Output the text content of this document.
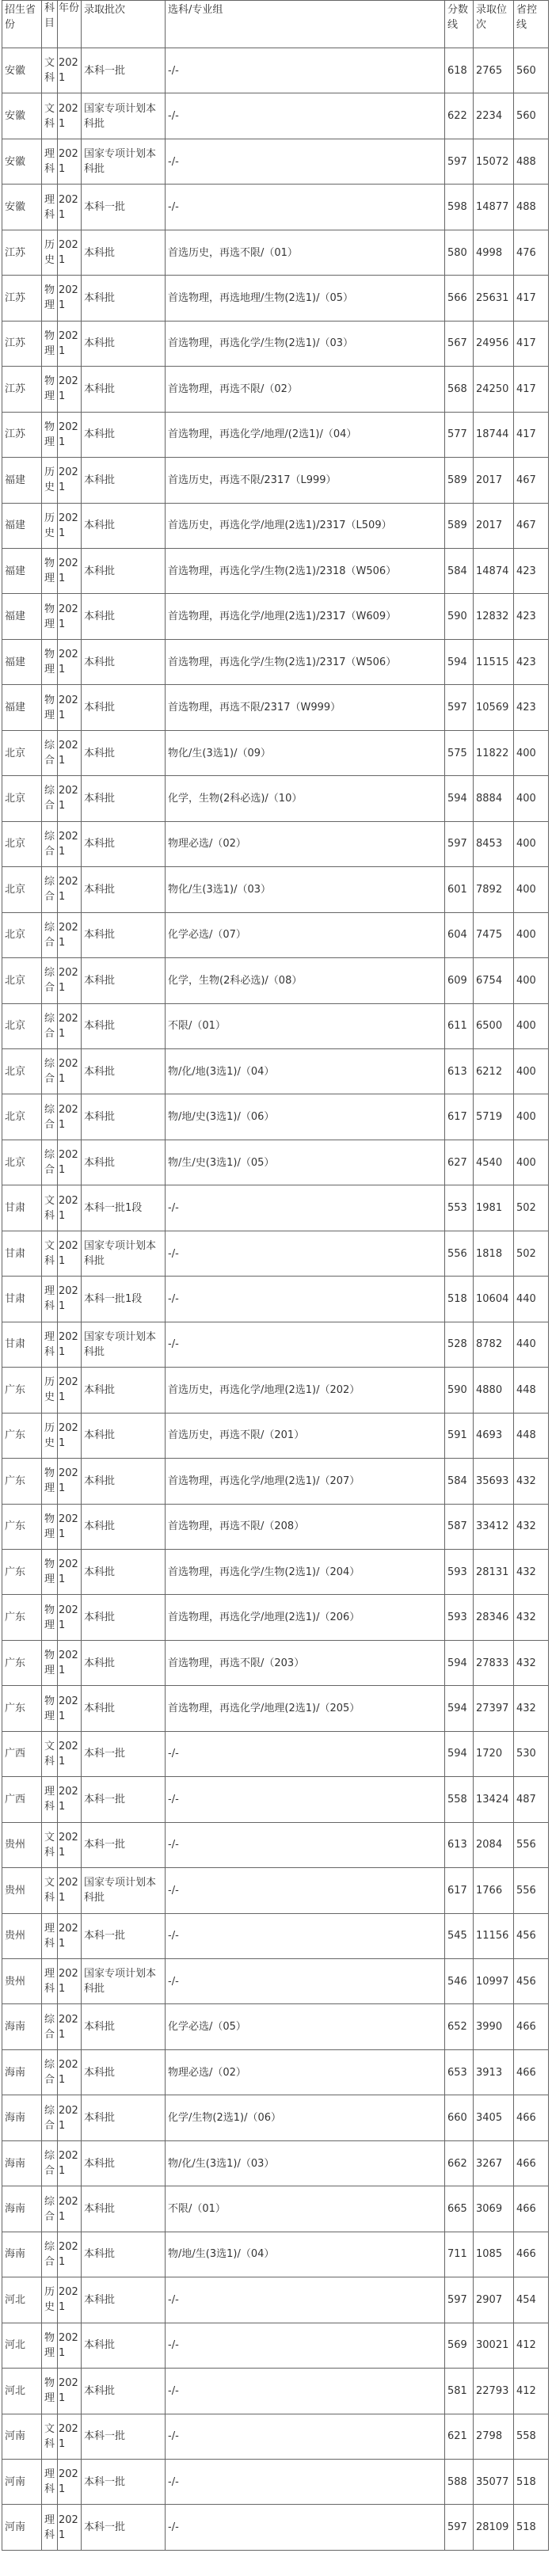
招生省份	科目	年份	录取批次	选科/专业组	分数线	录取位次	省控线
安徽	文科	2021	本科一批	-/-	618	2765	560
安徽	文科	2021	国家专项计划本科批	-/-	622	2234	560
安徽	理科	2021	国家专项计划本科批	-/-	597	15072	488
安徽	理科	2021	本科一批	-/-	598	14877	488
江苏	历史	2021	本科批	首选历史，再选不限/（01）	580	4998	476
江苏	物理	2021	本科批	首选物理，再选地理/生物(2选1)/（05）	566	25631	417
江苏	物理	2021	本科批	首选物理，再选化学/生物(2选1)/（03）	567	24956	417
江苏	物理	2021	本科批	首选物理，再选不限/（02）	568	24250	417
江苏	物理	2021	本科批	首选物理，再选化学/地理/(2选1)/（04）	577	18744	417
福建	历史	2021	本科批	首选历史，再选不限/2317（L999）	589	2017	467
福建	历史	2021	本科批	首选历史，再选化学/地理(2选1)/2317（L509）	589	2017	467
福建	物理	2021	本科批	首选物理，再选化学/生物(2选1)/2318（W506）	584	14874	423
福建	物理	2021	本科批	首选物理，再选化学/地理(2选1)/2317（W609）	590	12832	423
福建	物理	2021	本科批	首选物理，再选化学/生物(2选1)/2317（W506）	594	11515	423
福建	物理	2021	本科批	首选物理，再选不限/2317（W999）	597	10569	423
北京	综合	2021	本科批	物化/生(3选1)/（09）	575	11822	400
北京	综合	2021	本科批	化学，生物(2科必选)/（10）	594	8884	400
北京	综合	2021	本科批	物理必选/（02）	597	8453	400
北京	综合	2021	本科批	物化/生(3选1)/（03）	601	7892	400
北京	综合	2021	本科批	化学必选/（07）	604	7475	400
北京	综合	2021	本科批	化学，生物(2科必选)/（08）	609	6754	400
北京	综合	2021	本科批	不限/（01）	611	6500	400
北京	综合	2021	本科批	物/化/地(3选1)/（04）	613	6212	400
北京	综合	2021	本科批	物/地/史(3选1)/（06）	617	5719	400
北京	综合	2021	本科批	物/生/史(3选1)/（05）	627	4540	400
甘肃	文科	2021	本科一批1段	-/-	553	1981	502
甘肃	文科	2021	国家专项计划本科批	-/-	556	1818	502
甘肃	理科	2021	本科一批1段	-/-	518	10604	440
甘肃	理科	2021	国家专项计划本科批	-/-	528	8782	440
广东	历史	2021	本科批	首选历史，再选化学/地理(2选1)/（202）	590	4880	448
广东	历史	2021	本科批	首选历史，再选不限/（201）	591	4693	448
广东	物理	2021	本科批	首选物理，再选化学/地理(2选1)/（207）	584	35693	432
广东	物理	2021	本科批	首选物理，再选不限/（208）	587	33412	432
广东	物理	2021	本科批	首选物理，再选化学/生物(2选1)/（204）	593	28131	432
广东	物理	2021	本科批	首选物理，再选化学/地理(2选1)/（206）	593	28346	432
广东	物理	2021	本科批	首选物理，再选不限/（203）	594	27833	432
广东	物理	2021	本科批	首选物理，再选化学/地理(2选1)/（205）	594	27397	432
广西	文科	2021	本科一批	-/-	594	1720	530
广西	理科	2021	本科一批	-/-	558	13424	487
贵州	文科	2021	本科一批	-/-	613	2084	556
贵州	文科	2021	国家专项计划本科批	-/-	617	1766	556
贵州	理科	2021	本科一批	-/-	545	11156	456
贵州	理科	2021	国家专项计划本科批	-/-	546	10997	456
海南	综合	2021	本科批	化学必选/（05）	652	3990	466
海南	综合	2021	本科批	物理必选/（02）	653	3913	466
海南	综合	2021	本科批	化学/生物(2选1)/（06）	660	3405	466
海南	综合	2021	本科批	物/化/生(3选1)/（03）	662	3267	466
海南	综合	2021	本科批	不限/（01）	665	3069	466
海南	综合	2021	本科批	物/地/生(3选1)/（04）	711	1085	466
河北	历史	2021	本科批	-/-	597	2907	454
河北	物理	2021	本科批	-/-	569	30021	412
河北	物理	2021	本科批	-/-	581	22793	412
河南	文科	2021	本科一批	-/-	621	2798	558
河南	理科	2021	本科一批	-/-	588	35077	518
河南	理科	2021	本科一批	-/-	597	28109	518
